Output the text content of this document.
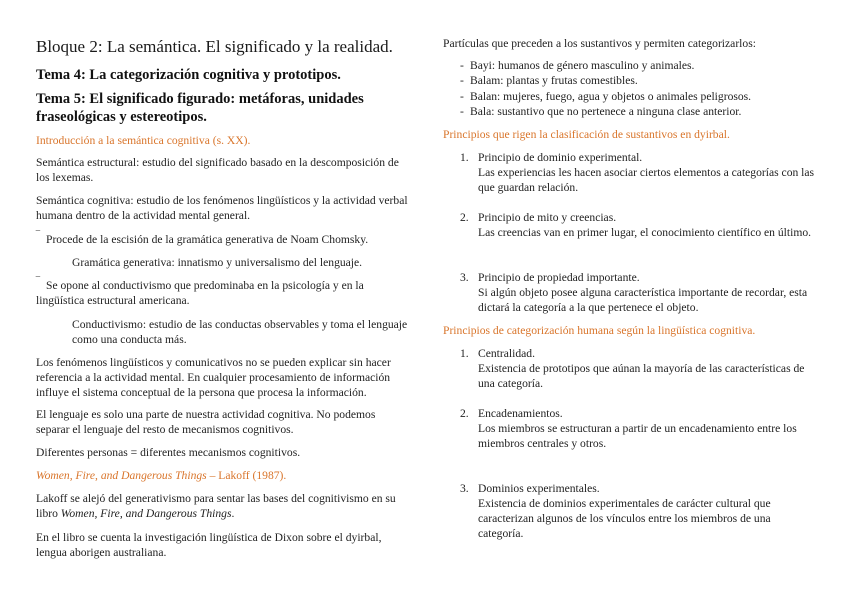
Bloque 2: La semántica. El significado y la realidad.
Tema 4: La categorización cognitiva y prototipos.
Tema 5: El significado figurado: metáforas, unidades fraseológicas y estereotipos.
Introducción a la semántica cognitiva (s. XX).
Semántica estructural: estudio del significado basado en la descomposición de los lexemas.
Semántica cognitiva: estudio de los fenómenos lingüísticos y la actividad verbal humana dentro de la actividad mental general.
‾ Procede de la escisión de la gramática generativa de Noam Chomsky.
Gramática generativa: innatismo y universalismo del lenguaje.
‾ Se opone al conductivismo que predominaba en la psicología y en la lingüística estructural americana.
Conductivismo: estudio de las conductas observables y toma el lenguaje como una conducta más.
Los fenómenos lingüísticos y comunicativos no se pueden explicar sin hacer referencia a la actividad mental. En cualquier procesamiento de información influye el sistema conceptual de la persona que procesa la información.
El lenguaje es solo una parte de nuestra actividad cognitiva. No podemos separar el lenguaje del resto de mecanismos cognitivos.
Diferentes personas = diferentes mecanismos cognitivos.
Women, Fire, and Dangerous Things – Lakoff (1987).
Lakoff se alejó del generativismo para sentar las bases del cognitivismo en su libro Women, Fire, and Dangerous Things.
En el libro se cuenta la investigación lingüística de Dixon sobre el dyirbal, lengua aborigen australiana.
Partículas que preceden a los sustantivos y permiten categorizarlos:
- Bayi: humanos de género masculino y animales.
- Balam: plantas y frutas comestibles.
- Balan: mujeres, fuego, agua y objetos o animales peligrosos.
- Bala: sustantivo que no pertenece a ninguna clase anterior.
Principios que rigen la clasificación de sustantivos en dyirbal.
1. Principio de dominio experimental.
Las experiencias les hacen asociar ciertos elementos a categorías con las que guardan relación.
2. Principio de mito y creencias.
Las creencias van en primer lugar, el conocimiento científico en último.
3. Principio de propiedad importante.
Si algún objeto posee alguna característica importante de recordar, esta dictará la categoría a la que pertenece el objeto.
Principios de categorización humana según la lingüística cognitiva.
1. Centralidad.
Existencia de prototipos que aúnan la mayoría de las características de una categoría.
2. Encadenamientos.
Los miembros se estructuran a partir de un encadenamiento entre los miembros centrales y otros.
3. Dominios experimentales.
Existencia de dominios experimentales de carácter cultural que caracterizan algunos de los vínculos entre los miembros de una categoría.
